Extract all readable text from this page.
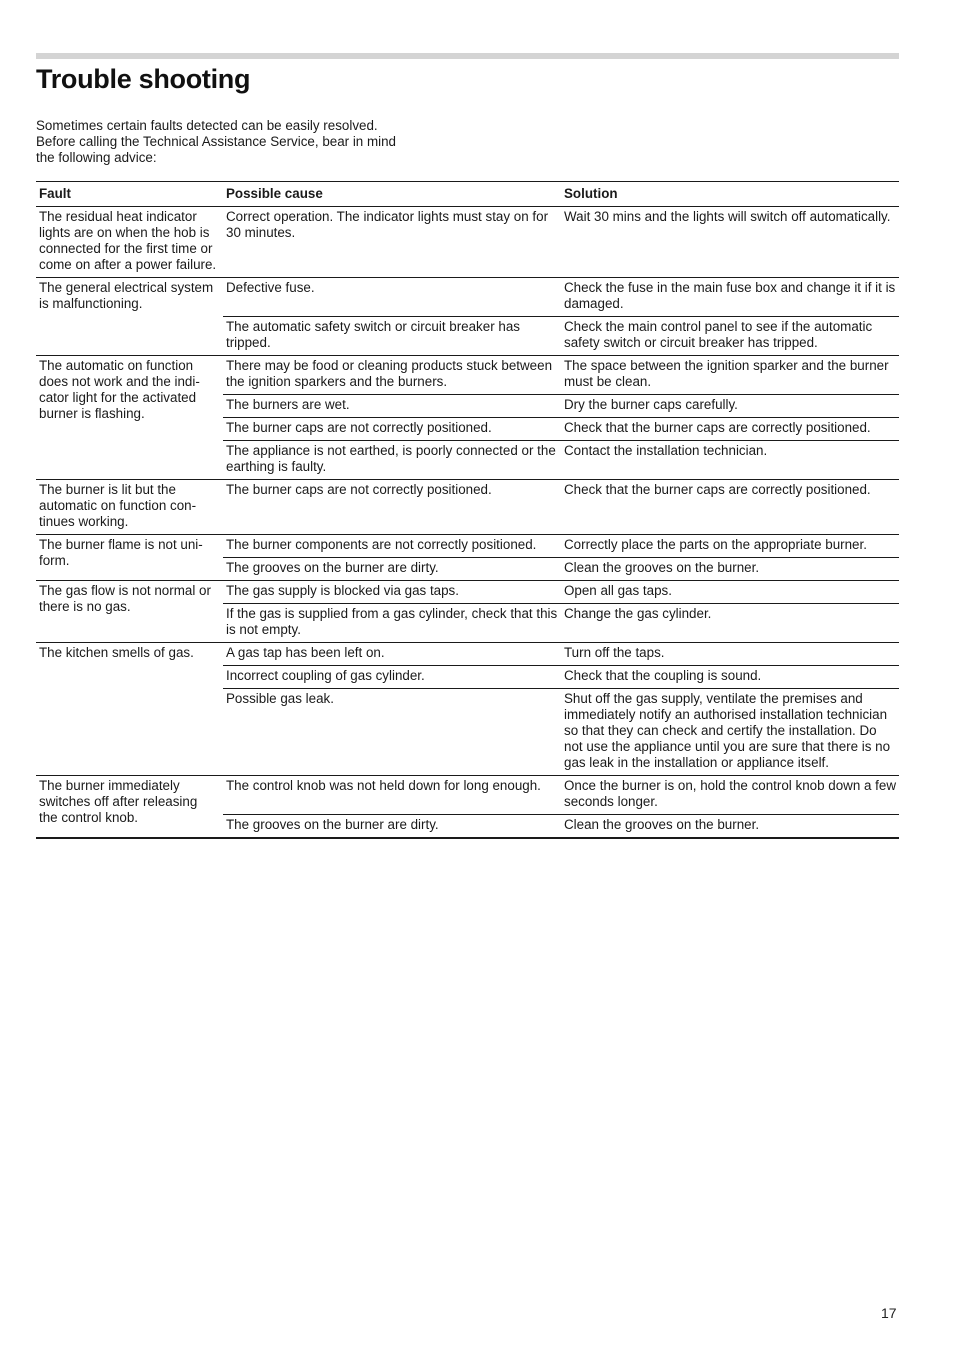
Trouble shooting
Sometimes certain faults detected can be easily resolved.
Before calling the Technical Assistance Service, bear in mind
the following advice:
Fault	Possible cause	Solution
The residual heat indicator lights are on when the hob is connected for the first time or come on after a power failure.	Correct operation. The indicator lights must stay on for 30 minutes.	Wait 30 mins and the lights will switch off automatically.
The general electrical system is malfunctioning.	Defective fuse.	Check the fuse in the main fuse box and change it if it is damaged.
	The automatic safety switch or circuit breaker has tripped.	Check the main control panel to see if the automatic safety switch or circuit breaker has tripped.
The automatic on function does not work and the indicator light for the activated burner is flashing.	There may be food or cleaning products stuck between the ignition sparkers and the burners.	The space between the ignition sparker and the burner must be clean.
	The burners are wet.	Dry the burner caps carefully.
	The burner caps are not correctly positioned.	Check that the burner caps are correctly positioned.
	The appliance is not earthed, is poorly connected or the earthing is faulty.	Contact the installation technician.
The burner is lit but the automatic on function continues working.	The burner caps are not correctly positioned.	Check that the burner caps are correctly positioned.
The burner flame is not uniform.	The burner components are not correctly positioned.	Correctly place the parts on the appropriate burner.
	The grooves on the burner are dirty.	Clean the grooves on the burner.
The gas flow is not normal or there is no gas.	The gas supply is blocked via gas taps.	Open all gas taps.
	If the gas is supplied from a gas cylinder, check that this is not empty.	Change the gas cylinder.
The kitchen smells of gas.	A gas tap has been left on.	Turn off the taps.
	Incorrect coupling of gas cylinder.	Check that the coupling is sound.
	Possible gas leak.	Shut off the gas supply, ventilate the premises and immediately notify an authorised installation technician so that they can check and certify the installation. Do not use the appliance until you are sure that there is no gas leak in the installation or appliance itself.
The burner immediately switches off after releasing the control knob.	The control knob was not held down for long enough.	Once the burner is on, hold the control knob down a few seconds longer.
	The grooves on the burner are dirty.	Clean the grooves on the burner.
17
